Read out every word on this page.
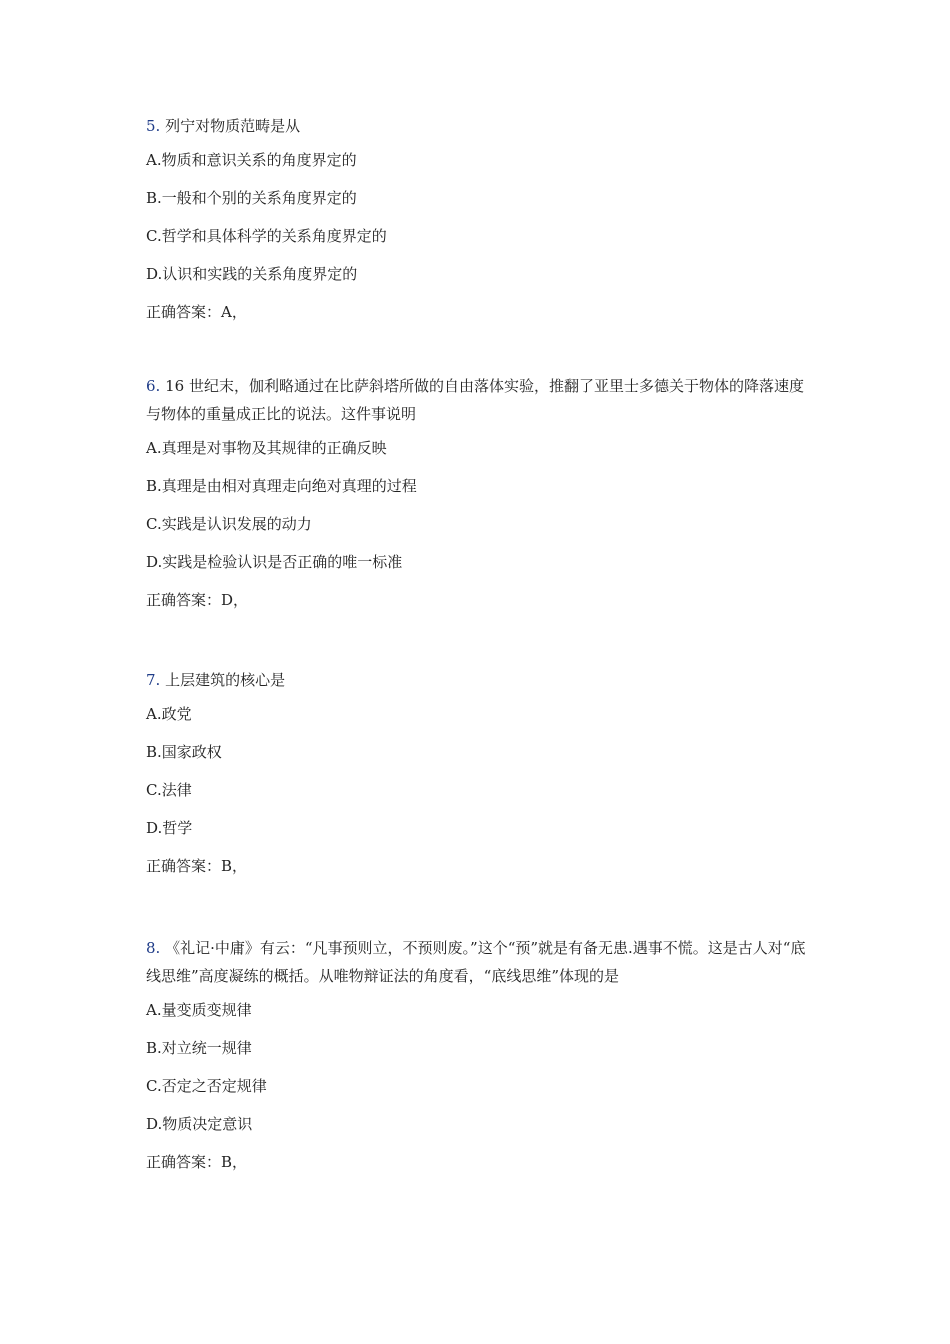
5. 列宁对物质范畴是从

A.物质和意识关系的角度界定的

B.一般和个别的关系角度界定的

C.哲学和具体科学的关系角度界定的

D.认识和实践的关系角度界定的

正确答案：A，

6. 16 世纪末，伽利略通过在比萨斜塔所做的自由落体实验，推翻了亚里士多德关于物体的降落速度与物体的重量成正比的说法。这件事说明

A.真理是对事物及其规律的正确反映

B.真理是由相对真理走向绝对真理的过程

C.实践是认识发展的动力

D.实践是检验认识是否正确的唯一标准

正确答案：D，

7. 上层建筑的核心是

A.政党

B.国家政权

C.法律

D.哲学

正确答案：B，

8. 《礼记·中庸》有云：“凡事预则立，不预则废。”这个“预”就是有备无患.遇事不慌。这是古人对“底线思维”高度凝练的概括。从唯物辩证法的角度看，“底线思维”体现的是

A.量变质变规律

B.对立统一规律

C.否定之否定规律

D.物质决定意识

正确答案：B，
